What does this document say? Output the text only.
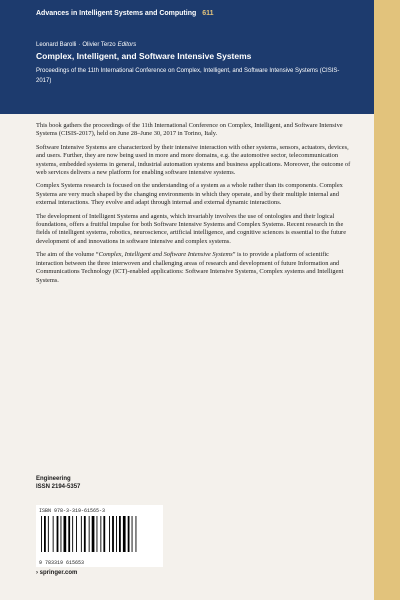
Advances in Intelligent Systems and Computing 611
Leonard Barolli · Olivier Terzo Editors
Complex, Intelligent, and Software Intensive Systems
Proceedings of the 11th International Conference on Complex, Intelligent, and Software Intensive Systems (CISIS-2017)

This book gathers the proceedings of the 11th International Conference on Complex, Intelligent, and Software Intensive Systems (CISIS-2017), held on June 28–June 30, 2017 in Torino, Italy.

Software Intensive Systems are characterized by their intensive interaction with other systems, sensors, actuators, devices, and users. Further, they are now being used in more and more domains, e.g. the automotive sector, telecommunication systems, embedded systems in general, industrial automation systems and business applications. Moreover, the outcome of web services delivers a new platform for enabling software intensive systems.

Complex Systems research is focused on the understanding of a system as a whole rather than its components. Complex Systems are very much shaped by the changing environments in which they operate, and by their multiple internal and external interactions. They evolve and adapt through internal and external dynamic interactions.

The development of Intelligent Systems and agents, which invariably involves the use of ontologies and their logical foundations, offers a fruitful impulse for both Software Intensive Systems and Complex Systems. Recent research in the fields of intelligent systems, robotics, neuroscience, artificial intelligence, and cognitive sciences is essential to the future development of and innovations in software intensive and complex systems.

The aim of the volume “Complex, Intelligent and Software Intensive Systems” is to provide a platform of scientific interaction between the three interwoven and challenging areas of research and development of future Information and Communications Technology (ICT)-enabled applications: Software Intensive Systems, Complex systems and Intelligent Systems.

Engineering
ISSN 2194-5357
ISBN 978-3-319-61565-3
9 783319 615653
› springer.com
